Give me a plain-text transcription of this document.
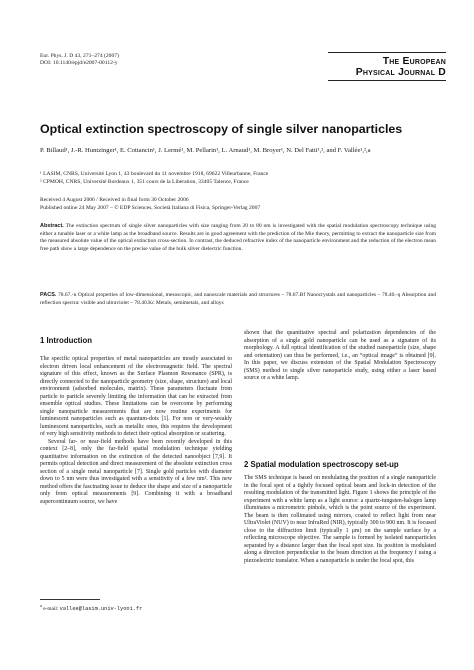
Eur. Phys. J. D 43, 271–274 (2007)
DOI: 10.1140/epjd/e2007-00112-y	The European
Physical Journal D
Optical extinction spectroscopy of single silver nanoparticles
P. Billaud¹, J.-R. Huntzinger¹, E. Cottancin¹, J. Lermé¹, M. Pellarin¹, L. Arnaud¹, M. Broyer¹, N. Del Fatti¹,², and F. Vallée¹,²,a
¹ LASIM, CNRS, Université Lyon 1, 43 boulevard du 11 novembre 1918, 69622 Villeurbanne, France
² CPMOH, CNRS, Université Bordeaux 1, 351 cours de la Liberation, 33405 Talence, France
Received 4 August 2006 / Received in final form 30 October 2006
Published online 24 May 2007 – © EDP Sciences, Società Italiana di Fisica, Springer-Verlag 2007
Abstract. The extinction spectrum of single silver nanoparticles with size ranging from 20 to 80 nm is investigated with the spatial modulation spectroscopy technique using either a tunable laser or a white lamp as the broadband source. Results are in good agreement with the prediction of the Mie theory, permitting to extract the nanoparticle size from the measured absolute value of the optical extinction cross-section. In contrast, the deduced refractive index of the nanoparticle environment and the reduction of the electron mean free path show a large dependence on the precise value of the bulk silver dielectric function.
PACS. 78.67.-n Optical properties of low-dimensional, mesoscopic, and nanoscale materials and structures – 78.67.Bf Nanocrystals and nanoparticles – 78.40.-q Absorption and reflection spectra: visible and ultraviolet – 78.40.Kc Metals, semimetals, and alloys
1 Introduction

The specific optical properties of metal nanoparticles are mostly associated to electron driven local enhancement of the electromagnetic field. The spectral signature of this effect, known as the Surface Plasmon Resonance (SPR), is directly connected to the nanoparticle geometry (size, shape, structure) and local environment (adsorbed molecules, matrix). These parameters fluctuate from particle to particle severely limiting the information that can be extracted from ensemble optical studies. These limitations can be overcome by performing single nanoparticle measurements that are now routine experiments for luminescent nanoparticles such as quantum-dots [1]. For non or very-weakly luminescent nanoparticles, such as metallic ones, this requires the development of very high sensitivity methods to detect their optical absorption or scattering.

Several far- or near-field methods have been recently developed in this context [2–8], only the far-field spatial modulation technique yielding quantitative information on the extinction of the detected nanoobject [7,9]. It permits optical detection and direct measurement of the absolute extinction cross section of a single metal nanoparticle [7]. Single gold particles with diameter down to 5 nm were thus investigated with a sensitivity of a few nm². This new method offers the fascinating issue to deduce the shape and size of a nanoparticle only from optical measurements [9]. Combining it with a broadband supercontinuum source, we have

shown that the quantitative spectral and polarization dependencies of the absorption of a single gold nanoparticle can be used as a signature of its morphology. A full optical identification of the studied nanoparticle (size, shape and orientation) can thus be performed, i.e., an “optical image” is obtained [9]. In this paper, we discuss extension of the Spatial Modulation Spectroscopy (SMS) method to single silver nanoparticle study, using either a laser based source or a white lamp.

2 Spatial modulation spectroscopy set-up

The SMS technique is based on modulating the position of a single nanoparticle in the focal spot of a tightly focused optical beam and lock-in detection of the resulting modulation of the transmitted light. Figure 1 shows the principle of the experiment with a white lamp as a light source: a quartz-tungsten-halogen lamp illuminates a micrometric pinhole, which is the point source of the experiment. The beam is then collimated using mirrors, coated to reflect light from near UltraViolet (NUV) to near InfraRed (NIR), typically 300 to 900 nm. It is focused close to the diffraction limit (typically 1 μm) on the sample surface by a reflecting microscope objective. The sample is formed by isolated nanoparticles separated by a distance larger than the focal spot size. Its position is modulated along a direction perpendicular to the beam direction at the frequency f using a piezoelectric translator. When a nanoparticle is under the focal spot, this

$^a$ e-mail: vallee@lasim.univ-lyon1.fr
